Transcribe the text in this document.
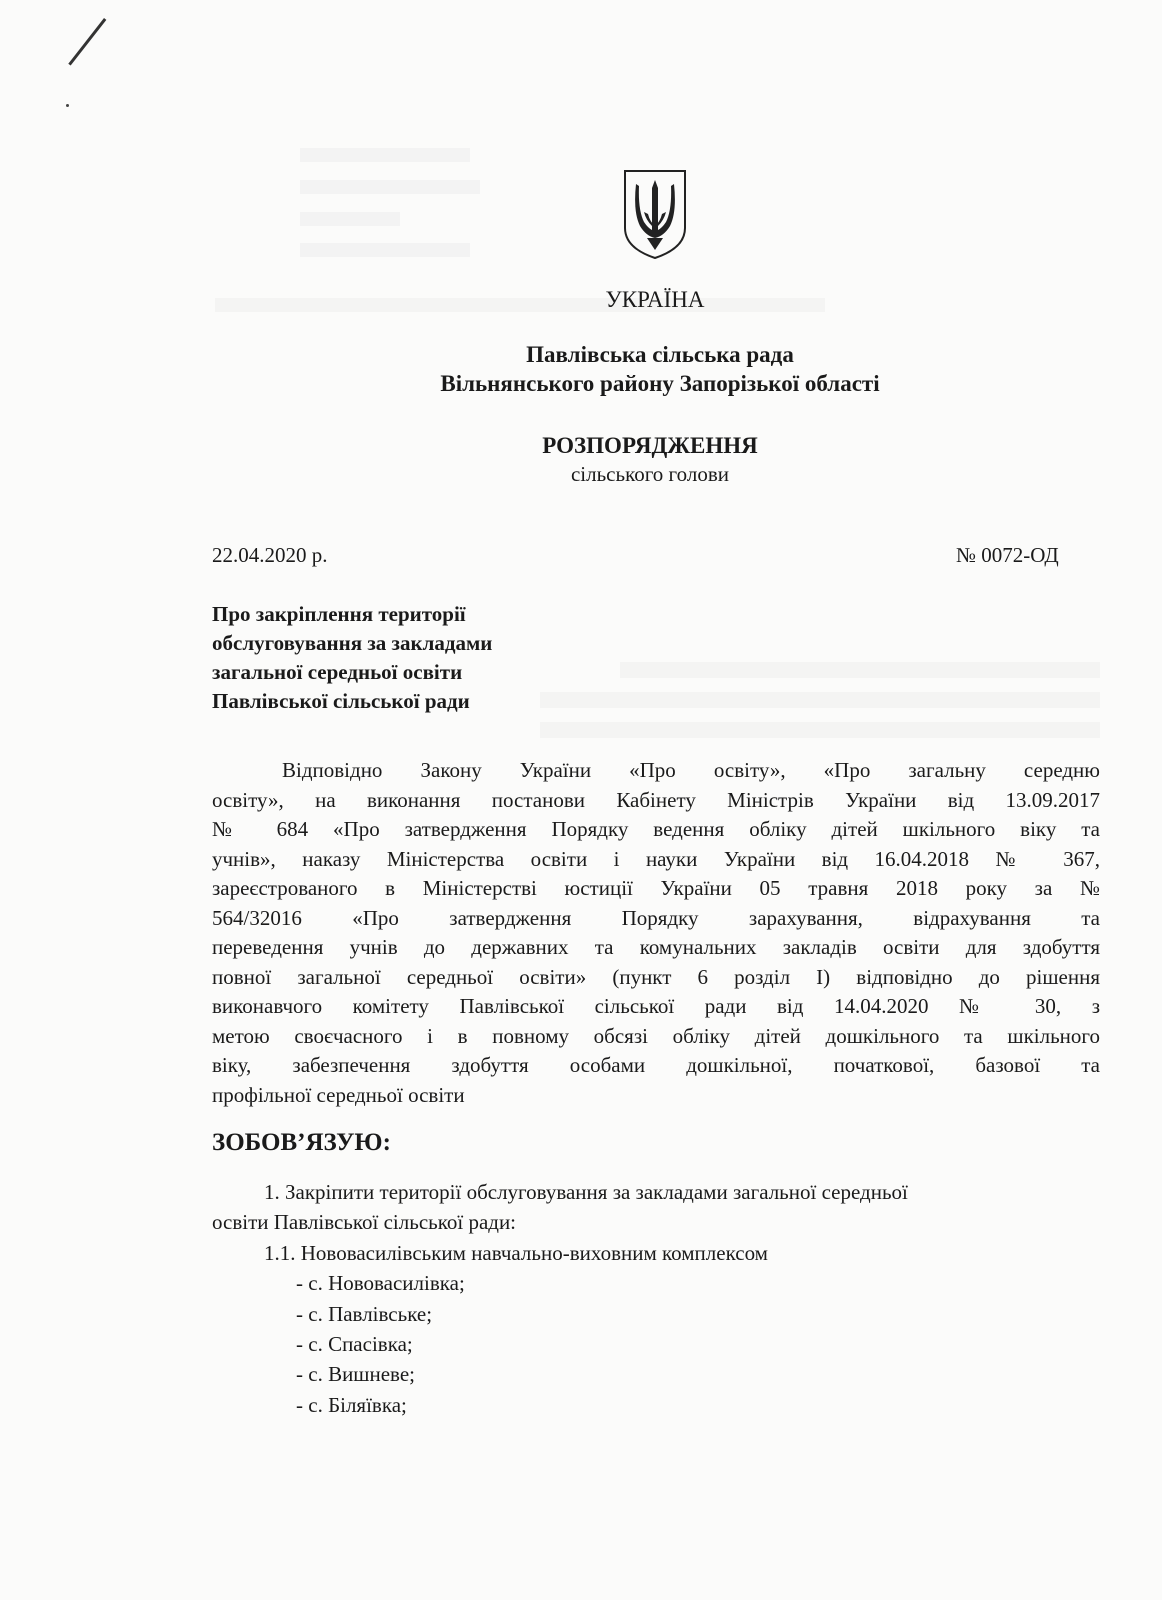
УКРАЇНА
Павлівська сільська рада
Вільнянського району Запорізької області
РОЗПОРЯДЖЕННЯ
сільського голови
22.04.2020 р.	№ 0072-ОД
Про закріплення території
обслуговування за закладами
загальної середньої освіти
Павлівської сільської ради
Відповідно Закону України «Про освіту», «Про загальну середню
освіту», на виконання постанови Кабінету Міністрів України від 13.09.2017
№ 684 «Про затвердження Порядку ведення обліку дітей шкільного віку та
учнів», наказу Міністерства освіти і науки України від 16.04.2018 № 367,
зареєстрованого в Міністерстві юстиції України 05 травня 2018 року за №
564/32016 «Про затвердження Порядку зарахування, відрахування та
переведення учнів до державних та комунальних закладів освіти для здобуття
повної загальної середньої освіти» (пункт 6 розділ I) відповідно до рішення
виконавчого комітету Павлівської сільської ради від 14.04.2020 № 30, з
метою своєчасного і в повному обсязі обліку дітей дошкільного та шкільного
віку, забезпечення здобуття особами дошкільної, початкової, базової та
профільної середньої освіти
ЗОБОВ’ЯЗУЮ:
1. Закріпити території обслуговування за закладами загальної середньої
освіти Павлівської сільської ради:
1.1. Нововасилівським навчально-виховним комплексом
- с. Нововасилівка;
- с. Павлівське;
- с. Спасівка;
- с. Вишневе;
- с. Біляївка;
